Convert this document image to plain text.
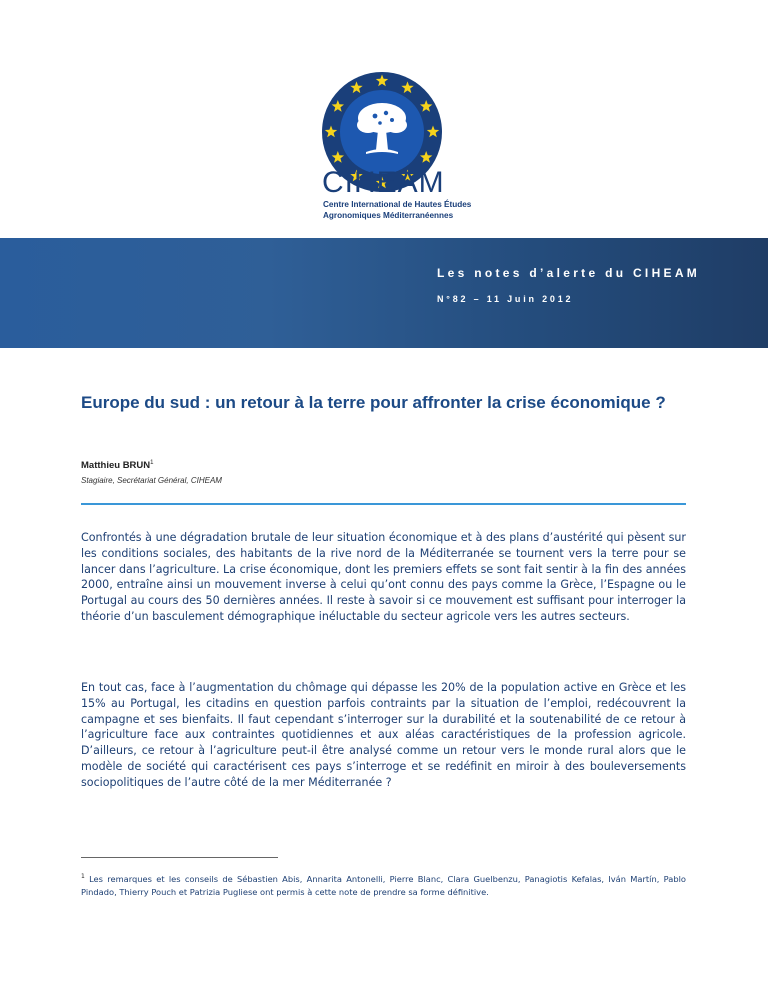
CIHEAM
Centre International de Hautes Études
Agronomiques Méditerranéennes
Les notes d’alerte du CIHEAM
N°82 – 11 Juin 2012
Europe du sud : un retour à la terre pour affronter la crise économique ?
Matthieu BRUN$^1$
Stagiaire, Secrétariat Général, CIHEAM

Confrontés à une dégradation brutale de leur situation économique et à des plans d’austérité qui pèsent sur les conditions sociales, des habitants de la rive nord de la Méditerranée se tournent vers la terre pour se lancer dans l’agriculture. La crise économique, dont les premiers effets se sont fait sentir à la fin des années 2000, entraîne ainsi un mouvement inverse à celui qu’ont connu des pays comme la Grèce, l’Espagne ou le Portugal au cours des 50 dernières années. Il reste à savoir si ce mouvement est suffisant pour interroger la théorie d’un basculement démographique inéluctable du secteur agricole vers les autres secteurs.

En tout cas, face à l’augmentation du chômage qui dépasse les 20% de la population active en Grèce et les 15% au Portugal, les citadins en question parfois contraints par la situation de l’emploi, redécouvrent la campagne et ses bienfaits. Il faut cependant s’interroger sur la durabilité et la soutenabilité de ce retour à l’agriculture face aux contraintes quotidiennes et aux aléas caractéristiques de la profession agricole. D’ailleurs, ce retour à l’agriculture peut-il être analysé comme un retour vers le monde rural alors que le modèle de société qui caractérisent ces pays s’interroge et se redéfinit en miroir à des bouleversements sociopolitiques de l’autre côté de la mer Méditerranée ?

$^1$ Les remarques et les conseils de Sébastien Abis, Annarita Antonelli, Pierre Blanc, Clara Guelbenzu, Panagiotis Kefalas, Iván Martín, Pablo Pindado, Thierry Pouch et Patrizia Pugliese ont permis à cette note de prendre sa forme définitive.
